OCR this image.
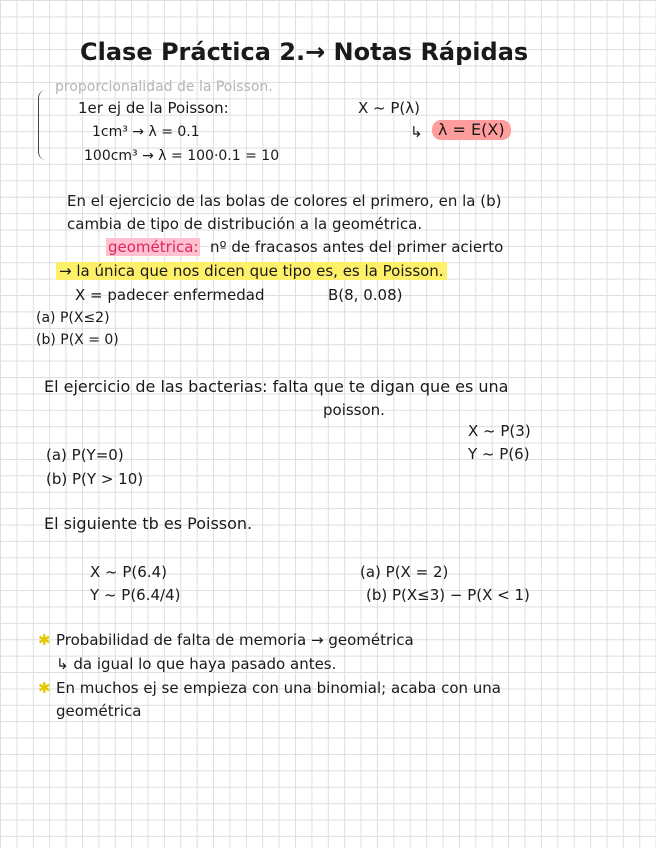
Clase Práctica 2.→ Notas Rápidas
proporcionalidad de la Poisson.
1er ej de la Poisson:
1cm³ → λ = 0.1
100cm³ → λ = 100·0.1 = 10
X ~ P(λ)
↳ λ = E(X)
En el ejercicio de las bolas de colores el primero, en la (b)
cambia de tipo de distribución a la geométrica.
geométrica: nº de fracasos antes del primer acierto
→ la única que nos dicen que tipo es, es la Poisson.
X = padecer enfermedad	B(8, 0.08)
(a) P(X≤2)
(b) P(X = 0)
El ejercicio de las bacterias: falta que te digan que es una
poisson.
X ~ P(3)
Y ~ P(6)
(a) P(Y=0)
(b) P(Y > 10)
El siguiente tb es Poisson.
X ~ P(6.4)
Y ~ P(6.4/4)
(a) P(X = 2)
(b) P(X≤3) − P(X < 1)
✱ Probabilidad de falta de memoria → geométrica
↳ da igual lo que haya pasado antes.
✱ En muchos ej se empieza con una binomial; acaba con una
geométrica
